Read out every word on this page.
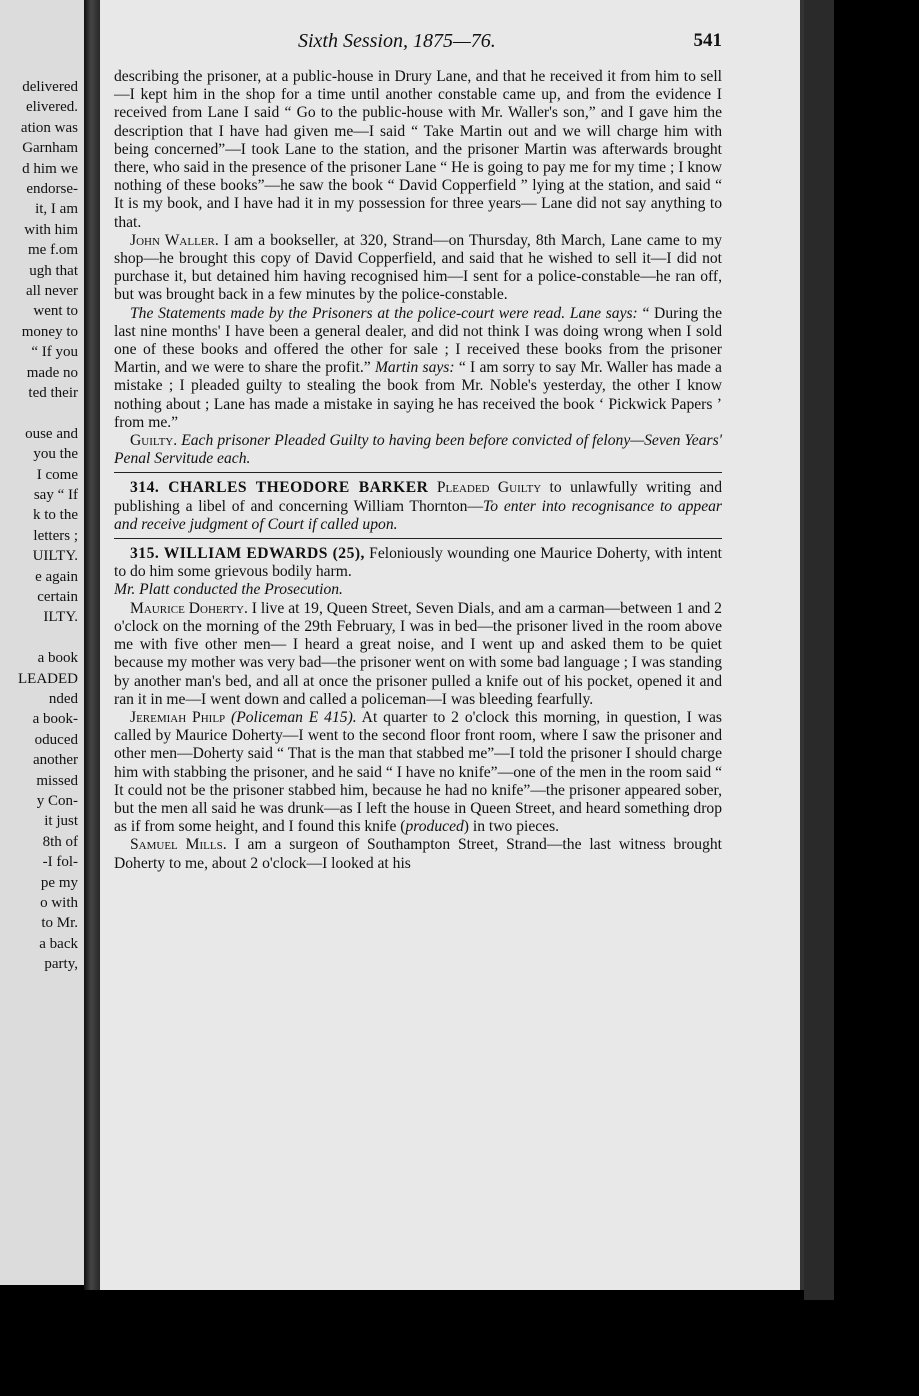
delivered
elivered.
ation was
Garnham
d him we
endorse-
it, I am
with him
me f.om
ugh that
all never
went to
money to
“ If you
made no
ted their
ouse and
you the
I come
say “ If
k to the
letters ;
UILTY.
e again
certain
ILTY.
a book
LEADED
nded
a book-
oduced
another
missed
y Con-
it just
8th of
-I fol-
pe my
o with
to Mr.
a back
party,
Sixth Session, 1875—76.	541

describing the prisoner, at a public-house in Drury Lane, and that he received it from him to sell—I kept him in the shop for a time until another constable came up, and from the evidence I received from Lane I said “ Go to the public-house with Mr. Waller's son,” and I gave him the description that I have had given me—I said “ Take Martin out and we will charge him with being concerned”—I took Lane to the station, and the prisoner Martin was afterwards brought there, who said in the presence of the prisoner Lane “ He is going to pay me for my time ; I know nothing of these books”—he saw the book “ David Copperfield ” lying at the station, and said “ It is my book, and I have had it in my possession for three years— Lane did not say anything to that.

John Waller. I am a bookseller, at 320, Strand—on Thursday, 8th March, Lane came to my shop—he brought this copy of David Copperfield, and said that he wished to sell it—I did not purchase it, but detained him having recognised him—I sent for a police-constable—he ran off, but was brought back in a few minutes by the police-constable.

The Statements made by the Prisoners at the police-court were read. Lane says: “ During the last nine months' I have been a general dealer, and did not think I was doing wrong when I sold one of these books and offered the other for sale ; I received these books from the prisoner Martin, and we were to share the profit.” Martin says: “ I am sorry to say Mr. Waller has made a mistake ; I pleaded guilty to stealing the book from Mr. Noble's yesterday, the other I know nothing about ; Lane has made a mistake in saying he has received the book ‘ Pickwick Papers ’ from me.”

Guilty. Each prisoner Pleaded Guilty to having been before convicted of felony—Seven Years' Penal Servitude each.

314. CHARLES THEODORE BARKER Pleaded Guilty to unlawfully writing and publishing a libel of and concerning William Thornton—To enter into recognisance to appear and receive judgment of Court if called upon.

315. WILLIAM EDWARDS (25), Feloniously wounding one Maurice Doherty, with intent to do him some grievous bodily harm.

Mr. Platt conducted the Prosecution.

Maurice Doherty. I live at 19, Queen Street, Seven Dials, and am a carman—between 1 and 2 o'clock on the morning of the 29th February, I was in bed—the prisoner lived in the room above me with five other men— I heard a great noise, and I went up and asked them to be quiet because my mother was very bad—the prisoner went on with some bad language ; I was standing by another man's bed, and all at once the prisoner pulled a knife out of his pocket, opened it and ran it in me—I went down and called a policeman—I was bleeding fearfully.

Jeremiah Philp (Policeman E 415). At quarter to 2 o'clock this morning, in question, I was called by Maurice Doherty—I went to the second floor front room, where I saw the prisoner and other men—Doherty said “ That is the man that stabbed me”—I told the prisoner I should charge him with stabbing the prisoner, and he said “ I have no knife”—one of the men in the room said “ It could not be the prisoner stabbed him, because he had no knife”—the prisoner appeared sober, but the men all said he was drunk—as I left the house in Queen Street, and heard something drop as if from some height, and I found this knife (produced) in two pieces.

Samuel Mills. I am a surgeon of Southampton Street, Strand—the last witness brought Doherty to me, about 2 o'clock—I looked at his
